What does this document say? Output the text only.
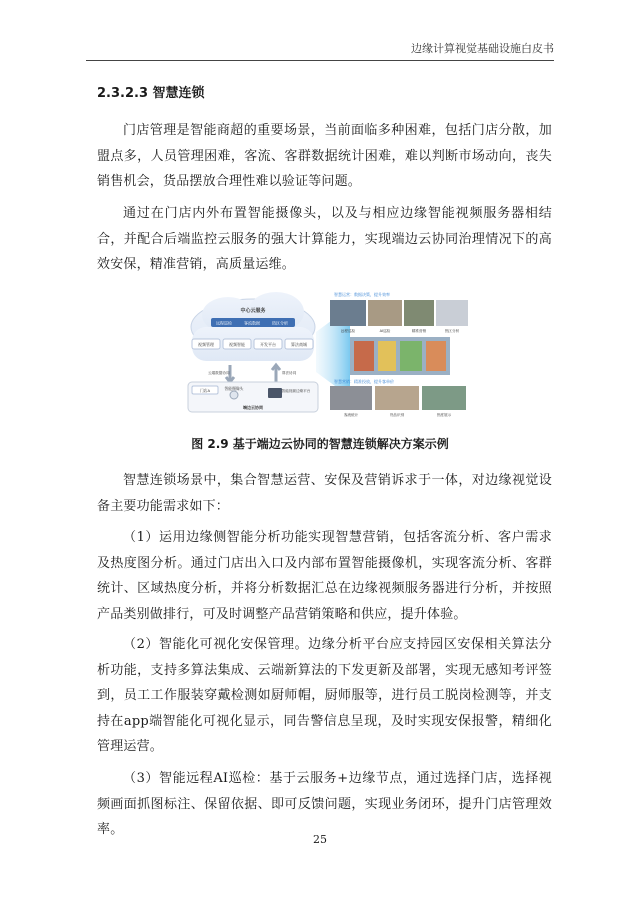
边缘计算视觉基础设施白皮书
2.3.2.3 智慧连锁

门店管理是智能商超的重要场景，当前面临多种困难，包括门店分散，加盟点多，人员管理困难，客流、客群数据统计困难，难以判断市场动向，丧失销售机会，货品摆放合理性难以验证等问题。

通过在门店内外布置智能摄像头，以及与相应边缘智能视频服务器相结合，并配合后端监控云服务的强大计算能力，实现端边云协同治理情况下的高效安保，精准营销，高质量运维。

中心云服务
远程巡检	客流数据	热区分析
视频管理	视频智能	开发平台	算法商城
云端数据协同	算法协同
门店A	智能摄像头	智能视频边缘平台
端边云协同
智慧运营：数据决策，提升效率
远程巡检	AI巡检	精准营销	热区分析
智慧营销：精准投放，提升客单价
客流统计	货品识别	热度展示
图 2.9 基于端边云协同的智慧连锁解决方案示例

智慧连锁场景中，集合智慧运营、安保及营销诉求于一体，对边缘视觉设备主要功能需求如下：

（1）运用边缘侧智能分析功能实现智慧营销，包括客流分析、客户需求及热度图分析。通过门店出入口及内部布置智能摄像机，实现客流分析、客群统计、区域热度分析，并将分析数据汇总在边缘视频服务器进行分析，并按照产品类别做排行，可及时调整产品营销策略和供应，提升体验。

（2）智能化可视化安保管理。边缘分析平台应支持园区安保相关算法分析功能，支持多算法集成、云端新算法的下发更新及部署，实现无感知考评签到，员工工作服装穿戴检测如厨师帽，厨师服等，进行员工脱岗检测等，并支持在app端智能化可视化显示，同告警信息呈现，及时实现安保报警，精细化管理运营。

（3）智能远程AI巡检：基于云服务+边缘节点，通过选择门店，选择视频画面抓图标注、保留依据、即可反馈问题，实现业务闭环，提升门店管理效率。

25
